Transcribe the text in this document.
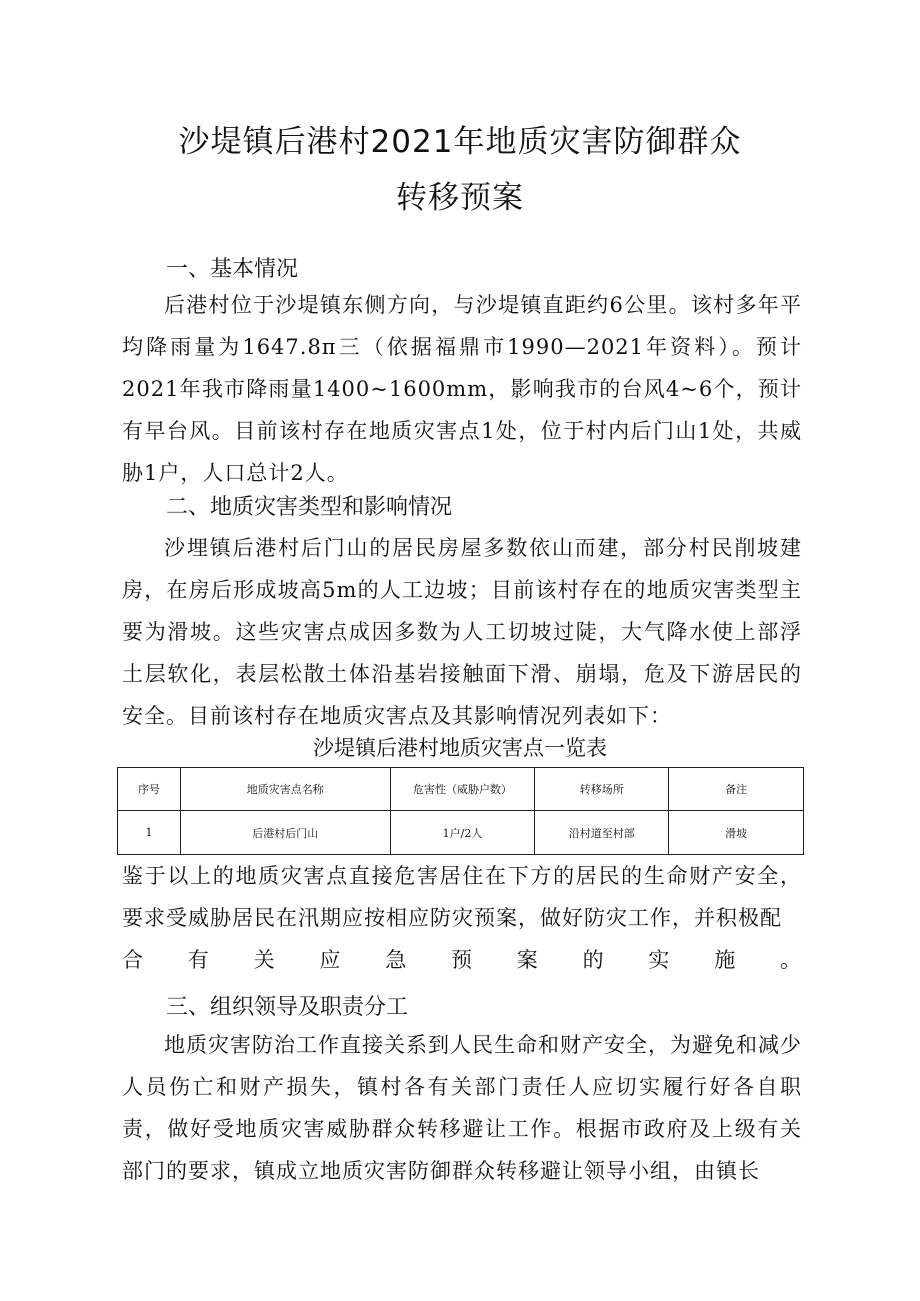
沙堤镇后港村2021年地质灾害防御群众
转移预案
一、基本情况

后港村位于沙堤镇东侧方向，与沙堤镇直距约6公里。该村多年平均降雨量为1647.8π三（依据福鼎市1990—2021年资料）。预计2021年我市降雨量1400~1600mm，影响我市的台风4~6个，预计有早台风。目前该村存在地质灾害点1处，位于村内后门山1处，共威胁1户，人口总计2人。

二、地质灾害类型和影响情况

沙埋镇后港村后门山的居民房屋多数依山而建，部分村民削坡建房，在房后形成坡高5m的人工边坡；目前该村存在的地质灾害类型主要为滑坡。这些灾害点成因多数为人工切坡过陡，大气降水使上部浮土层软化，表层松散土体沿基岩接触面下滑、崩塌，危及下游居民的安全。目前该村存在地质灾害点及其影响情况列表如下：

沙堤镇后港村地质灾害点一览表
序号	地质灾害点名称	危害性（威胁户数）	转移场所	备注
1	后港村后门山	1户/2人	沿村道至村部	滑坡

鉴于以上的地质灾害点直接危害居住在下方的居民的生命财产安全，要求受威胁居民在汛期应按相应防灾预案，做好防灾工作，并积极配

合有关应急预案的实施。

三、组织领导及职责分工

地质灾害防治工作直接关系到人民生命和财产安全，为避免和减少人员伤亡和财产损失，镇村各有关部门责任人应切实履行好各自职责，做好受地质灾害威胁群众转移避让工作。根据市政府及上级有关部门的要求，镇成立地质灾害防御群众转移避让领导小组，由镇长
